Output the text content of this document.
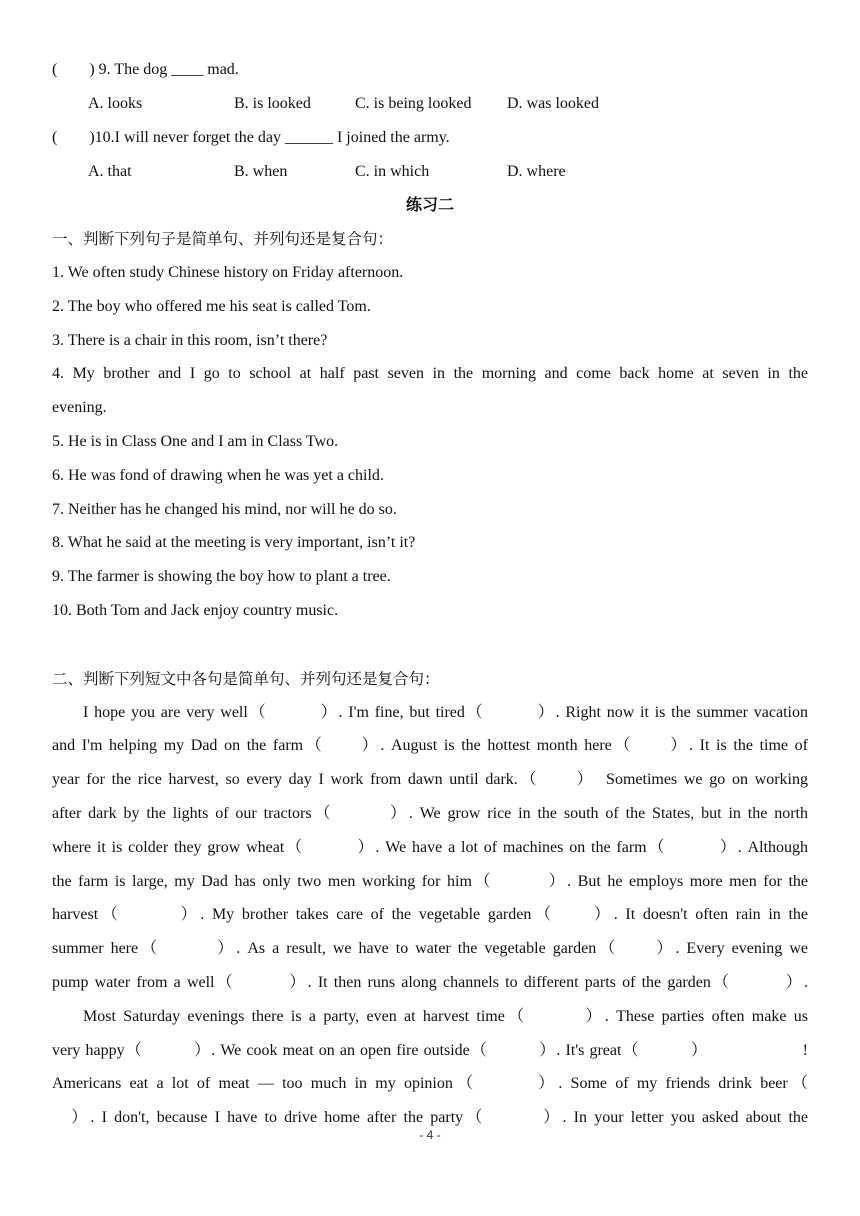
(　　) 9. The dog ____ mad.
A. looks	B. is looked	C. is being looked D. was looked
(　　)10.I will never forget the day ______ I joined the army.
A. that	B. when	C. in which	D. where
练习二
一、判断下列句子是简单句、并列句还是复合句：
1. We often study Chinese history on Friday afternoon.
2. The boy who offered me his seat is called Tom.
3. There is a chair in this room, isn’t there?
4. My brother and I go to school at half past seven in the morning and come back home at seven in the
evening.
5. He is in Class One and I am in Class Two.
6. He was fond of drawing when he was yet a child.
7. Neither has he changed his mind, nor will he do so.
8. What he said at the meeting is very important, isn’t it?
9. The farmer is showing the boy how to plant a tree.
10. Both Tom and Jack enjoy country music.
二、判断下列短文中各句是简单句、并列句还是复合句：
I hope you are very well（　　　）. I'm fine, but tired（　　　）. Right now it is the summer vacation
and I'm helping my Dad on the farm（　　）. August is the hottest month here（　　）. It is the time of
year for the rice harvest, so every day I work from dawn until dark.（　　）　Sometimes we go on working
after dark by the lights of our tractors（　　　）. We grow rice in the south of the States, but in the north
where it is colder they grow wheat（　　　）. We have a lot of machines on the farm（　　　）. Although
the farm is large, my Dad has only two men working for him（　　　）. But he employs more men for the
harvest（　　　）. My brother takes care of the vegetable garden（　　）. It doesn't often rain in the
summer here（　　　）. As a result, we have to water the vegetable garden（　　）. Every evening we
pump water from a well（　　　）. It then runs along channels to different parts of the garden（　　　）.
Most Saturday evenings there is a party, even at harvest time（　　　）. These parties often make us
very happy（　　　）. We cook meat on an open fire outside（　　　）. It's great（　　　）　　　　　　!
Americans eat a lot of meat — too much in my opinion（　　　）. Some of my friends drink beer（
　）. I don't, because I have to drive home after the party（　　　）. In your letter you asked about the
- 4 -
